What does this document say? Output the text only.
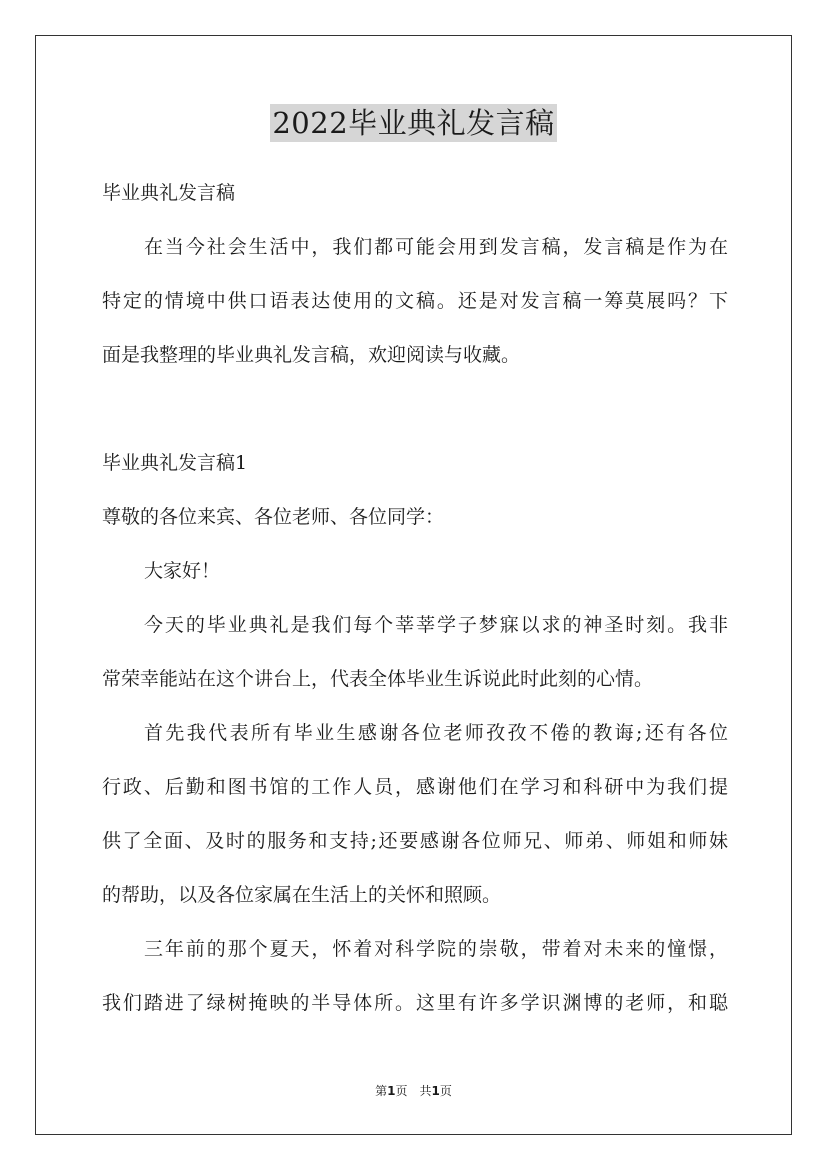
2022毕业典礼发言稿
毕业典礼发言稿
在当今社会生活中，我们都可能会用到发言稿，发言稿是作为在
特定的情境中供口语表达使用的文稿。还是对发言稿一筹莫展吗？下
面是我整理的毕业典礼发言稿，欢迎阅读与收藏。
毕业典礼发言稿1
尊敬的各位来宾、各位老师、各位同学：
大家好！
今天的毕业典礼是我们每个莘莘学子梦寐以求的神圣时刻。我非
常荣幸能站在这个讲台上，代表全体毕业生诉说此时此刻的心情。
首先我代表所有毕业生感谢各位老师孜孜不倦的教诲;还有各位
行政、后勤和图书馆的工作人员，感谢他们在学习和科研中为我们提
供了全面、及时的服务和支持;还要感谢各位师兄、师弟、师姐和师妹
的帮助，以及各位家属在生活上的关怀和照顾。
三年前的那个夏天，怀着对科学院的崇敬，带着对未来的憧憬，
我们踏进了绿树掩映的半导体所。这里有许多学识渊博的老师，和聪
第1页　共1页
